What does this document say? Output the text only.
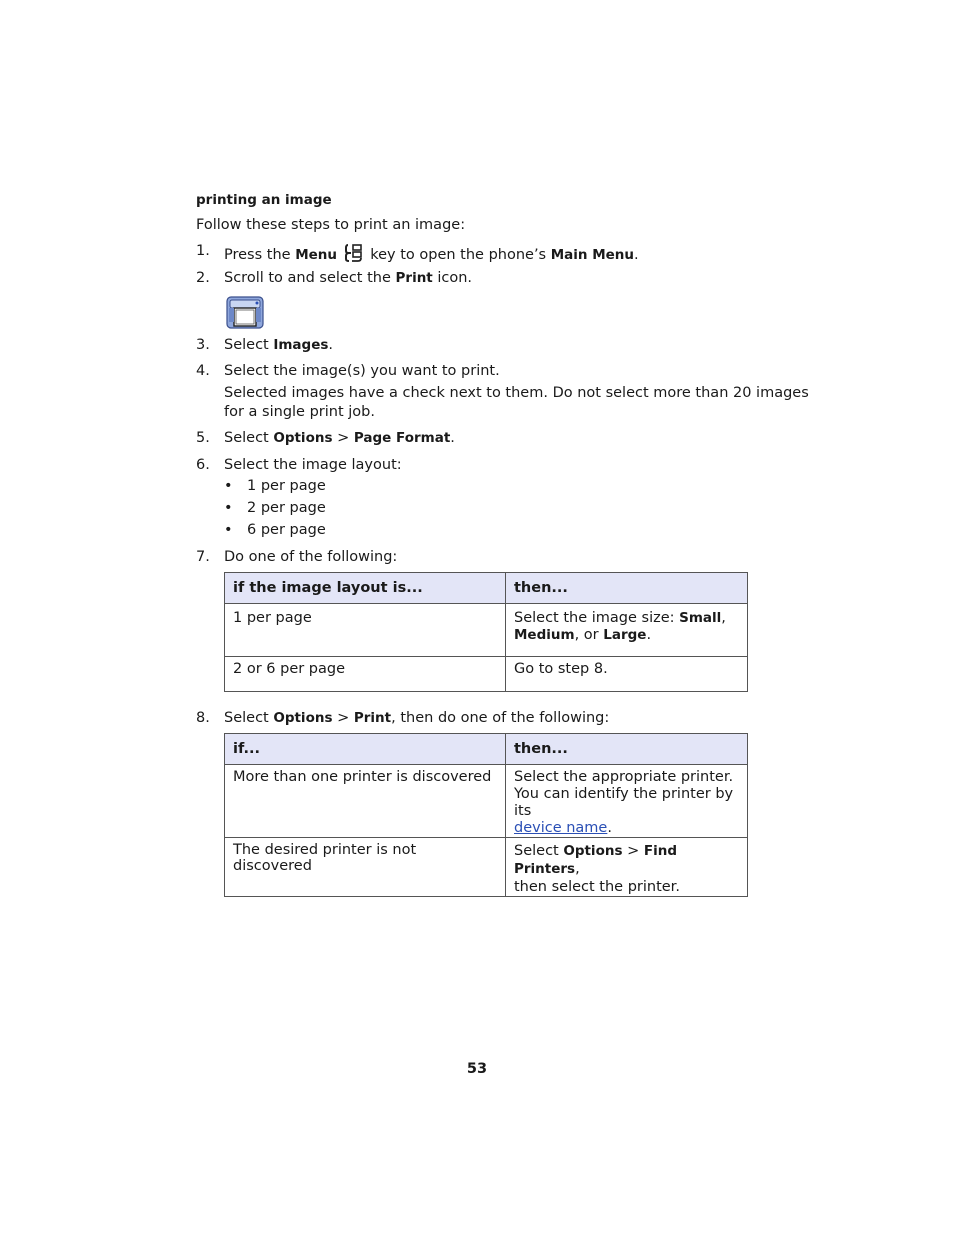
printing an image
Follow these steps to print an image:
1. Press the Menu  key to open the phone’s Main Menu.
2. Scroll to and select the Print icon.
3. Select Images.
4. Select the image(s) you want to print.
Selected images have a check next to them. Do not select more than 20 images
for a single print job.
5. Select Options > Page Format.
6. Select the image layout:
• 1 per page
• 2 per page
• 6 per page
7. Do one of the following:
if the image layout is...	then...
1 per page	Select the image size: Small,
Medium, or Large.
2 or 6 per page	Go to step 8.
8. Select Options > Print, then do one of the following:
if...	then...
More than one printer is discovered	Select the appropriate printer.
You can identify the printer by its
device name.
The desired printer is not discovered	Select Options > Find Printers,
then select the printer.
53
